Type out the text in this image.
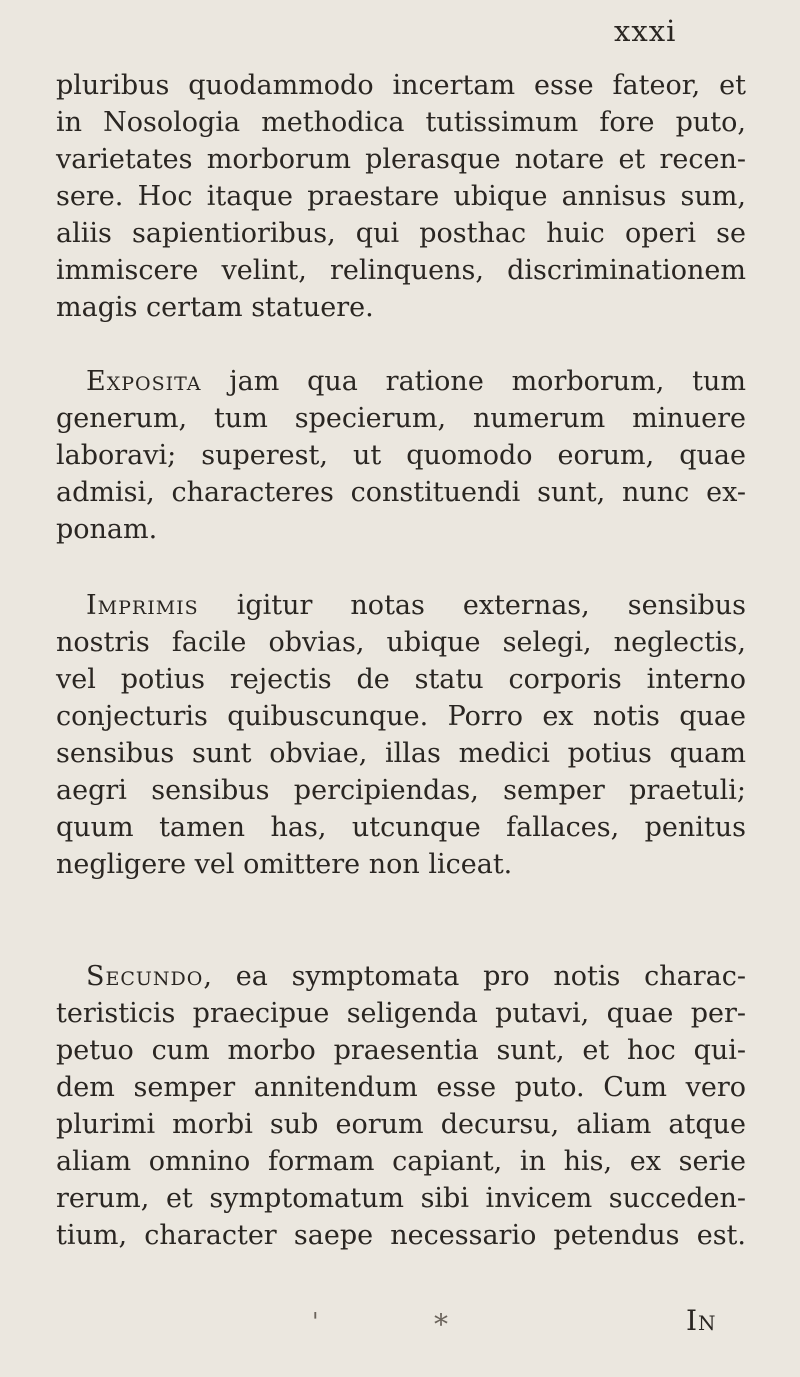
xxxi
pluribus quodammodo incertam esse fateor, et
in Nosologia methodica tutissimum fore puto,
varietates morborum plerasque notare et recen-
sere. Hoc itaque praestare ubique annisus sum,
aliis sapientioribus, qui posthac huic operi se
immiscere velint, relinquens, discriminationem
magis certam statuere.
Exposita jam qua ratione morborum, tum
generum, tum specierum, numerum minuere
laboravi; superest, ut quomodo eorum, quae
admisi, characteres constituendi sunt, nunc ex-
ponam.
Imprimis igitur notas externas, sensibus
nostris facile obvias, ubique selegi, neglectis,
vel potius rejectis de statu corporis interno
conjecturis quibuscunque. Porro ex notis quae
sensibus sunt obviae, illas medici potius quam
aegri sensibus percipiendas, semper praetuli;
quum tamen has, utcunque fallaces, penitus
negligere vel omittere non liceat.
Secundo, ea symptomata pro notis charac-
teristicis praecipue seligenda putavi, quae per-
petuo cum morbo praesentia sunt, et hoc qui-
dem semper annitendum esse puto. Cum vero
plurimi morbi sub eorum decursu, aliam atque
aliam omnino formam capiant, in his, ex serie
rerum, et symptomatum sibi invicem succeden-
tium, character saepe necessario petendus est.
'	*	In
